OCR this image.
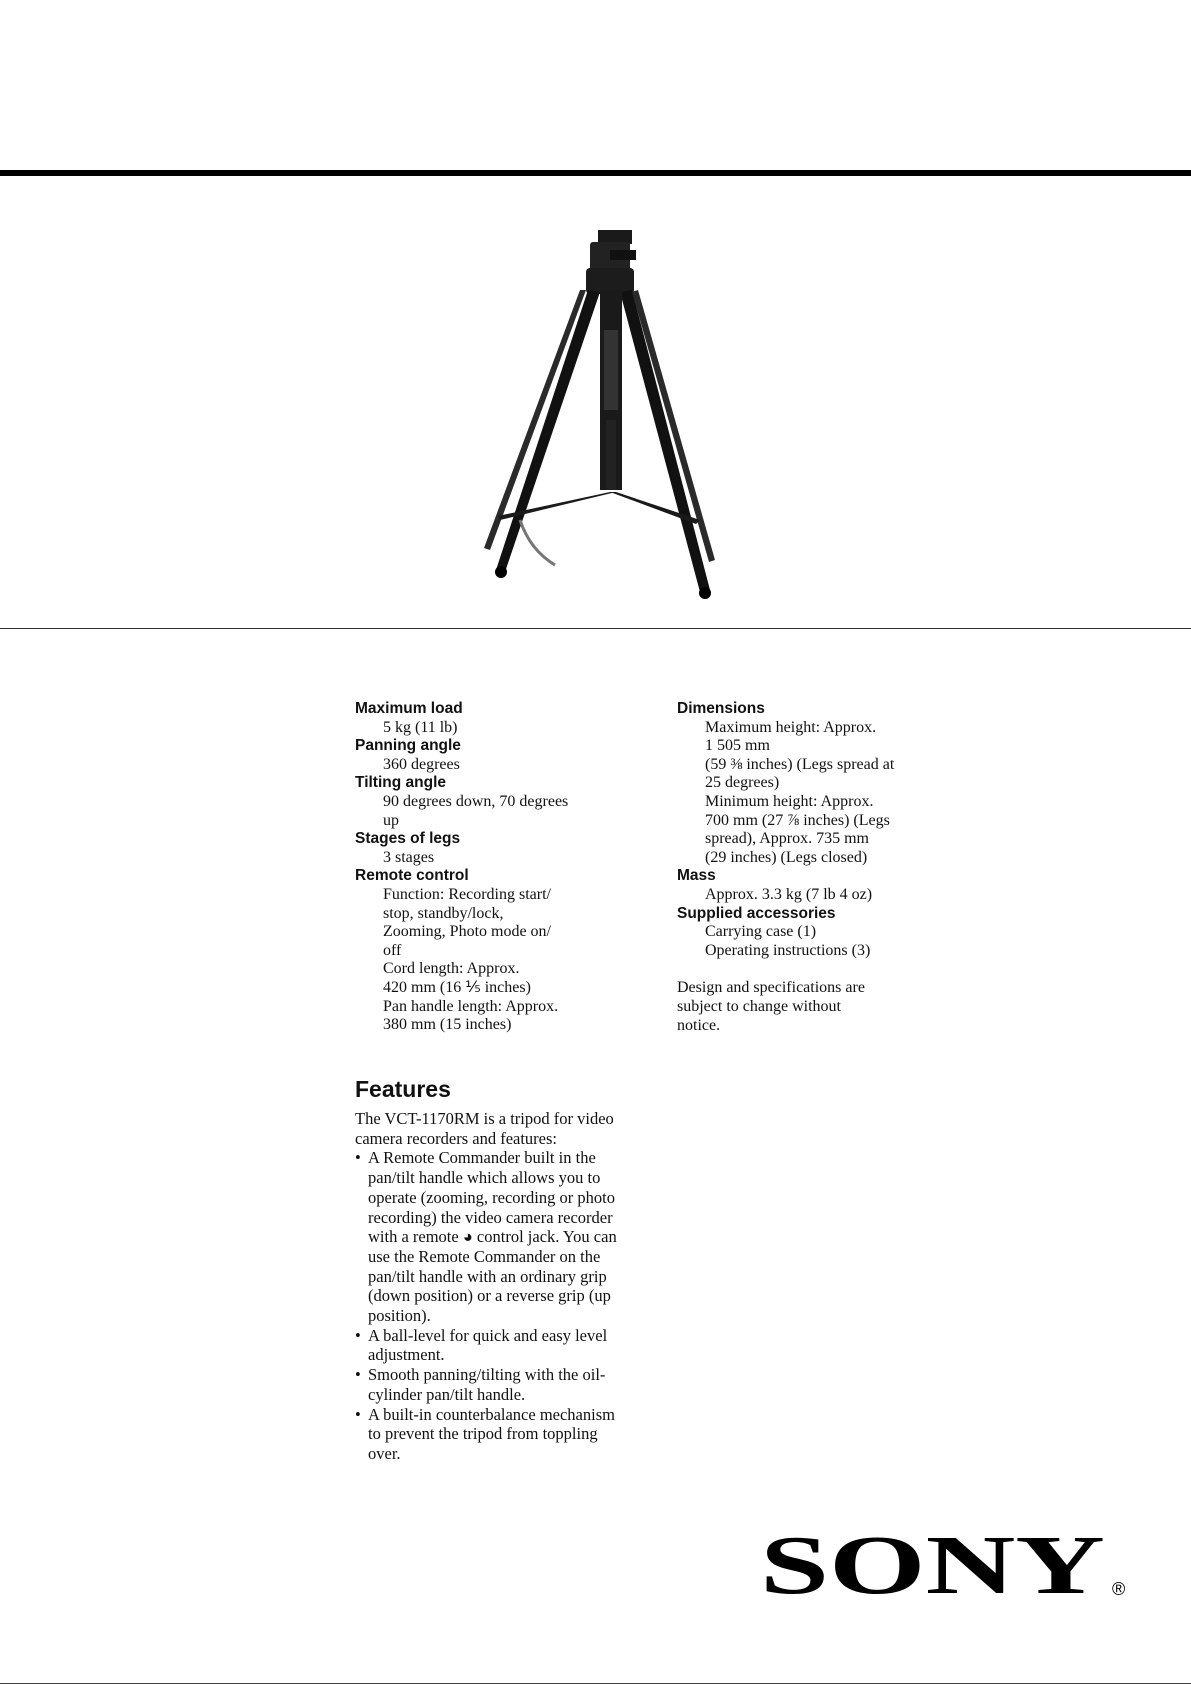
Maximum load
5 kg (11 lb)
Panning angle
360 degrees
Tilting angle
90 degrees down, 70 degrees
up
Stages of legs
3 stages
Remote control
Function: Recording start/
stop, standby/lock,
Zooming, Photo mode on/
off
Cord length: Approx.
420 mm (16 ⅕ inches)
Pan handle length: Approx.
380 mm (15 inches)
Dimensions
Maximum height: Approx.
1 505 mm
(59 ⅜ inches) (Legs spread at
25 degrees)
Minimum height: Approx.
700 mm (27 ⅞ inches) (Legs
spread), Approx. 735 mm
(29 inches) (Legs closed)
Mass
Approx. 3.3 kg (7 lb 4 oz)
Supplied accessories
Carrying case (1)
Operating instructions (3)
Design and specifications are
subject to change without
notice.
Features

The VCT-1170RM is a tripod for video camera recorders and features:

• A Remote Commander built in the pan/tilt handle which allows you to operate (zooming, recording or photo recording) the video camera recorder with a remote ◕ control jack. You can use the Remote Commander on the pan/tilt handle with an ordinary grip (down position) or a reverse grip (up position).
• A ball-level for quick and easy level adjustment.
• Smooth panning/tilting with the oil-cylinder pan/tilt handle.
• A built-in counterbalance mechanism to prevent the tripod from toppling over.
SONY ®
